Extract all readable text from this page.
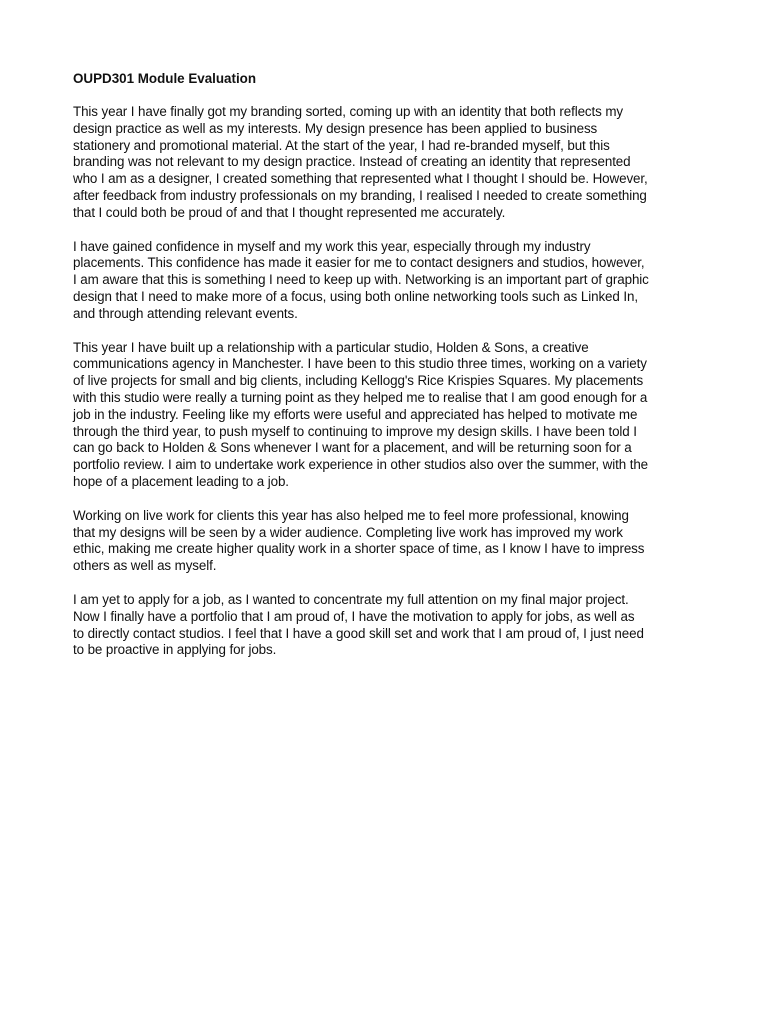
OUPD301 Module Evaluation
This year I have finally got my branding sorted, coming up with an identity that both reflects my
design practice as well as my interests. My design presence has been applied to business
stationery and promotional material. At the start of the year, I had re-branded myself, but this
branding was not relevant to my design practice. Instead of creating an identity that represented
who I am as a designer, I created something that represented what I thought I should be. However,
after feedback from industry professionals on my branding, I realised I needed to create something
that I could both be proud of and that I thought represented me accurately.
I have gained confidence in myself and my work this year, especially through my industry
placements. This confidence has made it easier for me to contact designers and studios, however,
I am aware that this is something I need to keep up with. Networking is an important part of graphic
design that I need to make more of a focus, using both online networking tools such as Linked In,
and through attending relevant events.
This year I have built up a relationship with a particular studio, Holden & Sons, a creative
communications agency in Manchester. I have been to this studio three times, working on a variety
of live projects for small and big clients, including Kellogg's Rice Krispies Squares. My placements
with this studio were really a turning point as they helped me to realise that I am good enough for a
job in the industry. Feeling like my efforts were useful and appreciated has helped to motivate me
through the third year, to push myself to continuing to improve my design skills. I have been told I
can go back to Holden & Sons whenever I want for a placement, and will be returning soon for a
portfolio review. I aim to undertake work experience in other studios also over the summer, with the
hope of a placement leading to a job.
Working on live work for clients this year has also helped me to feel more professional, knowing
that my designs will be seen by a wider audience. Completing live work has improved my work
ethic, making me create higher quality work in a shorter space of time, as I know I have to impress
others as well as myself.
I am yet to apply for a job, as I wanted to concentrate my full attention on my final major project.
Now I finally have a portfolio that I am proud of, I have the motivation to apply for jobs, as well as
to directly contact studios. I feel that I have a good skill set and work that I am proud of, I just need
to be proactive in applying for jobs.
